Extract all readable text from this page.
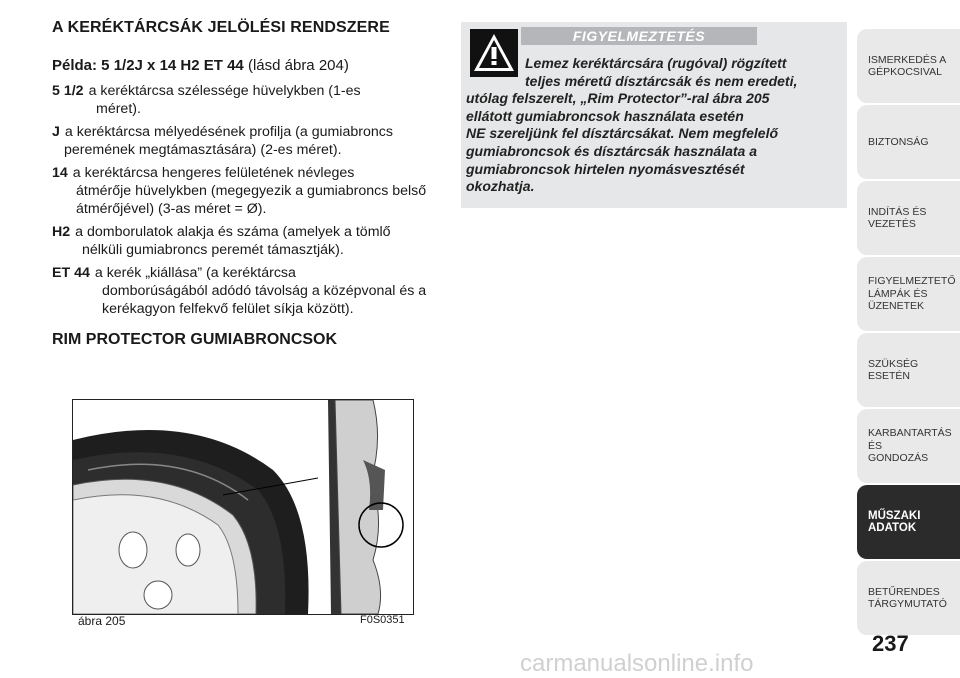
A KERÉKTÁRCSÁK JELÖLÉSI RENDSZERE
Példa: 5 1/2J x 14 H2 ET 44 (lásd ábra 204)
5 1/2 a keréktárcsa szélessége hüvelykben (1-es
méret).
J a keréktárcsa mélyedésének profilja (a gumiabroncs
peremének megtámasztására) (2-es méret).
14 a keréktárcsa hengeres felületének névleges
átmérője hüvelykben (megegyezik a gumiabroncs belső átmérőjével) (3-as méret = Ø).
H2 a domborulatok alakja és száma (amelyek a tömlő
nélküli gumiabroncs peremét támasztják).
ET 44 a kerék „kiállása” (a keréktárcsa
domborúságából adódó távolság a középvonal és a kerékagyon felfekvő felület síkja között).
RIM PROTECTOR GUMIABRONCSOK
ábra 205	F0S0351
FIGYELMEZTETÉS
Lemez keréktárcsára (rugóval) rögzített
teljes méretű dísztárcsák és nem eredeti,
utólag felszerelt, „Rim Protector”-ral ábra 205
ellátott gumiabroncsok használata esetén
NE szereljünk fel dísztárcsákat. Nem megfelelő
gumiabroncsok és dísztárcsák használata a
gumiabroncsok hirtelen nyomásvesztését
okozhatja.
ISMERKEDÉS A
GÉPKOCSIVAL
BIZTONSÁG
INDÍTÁS ÉS VEZETÉS
FIGYELMEZTETŐ
LÁMPÁK ÉS
ÜZENETEK
SZÜKSÉG ESETÉN
KARBANTARTÁS ÉS
GONDOZÁS
MŰSZAKI
ADATOK
BETŰRENDES
TÁRGYMUTATÓ
237
carmanualsonline.info
